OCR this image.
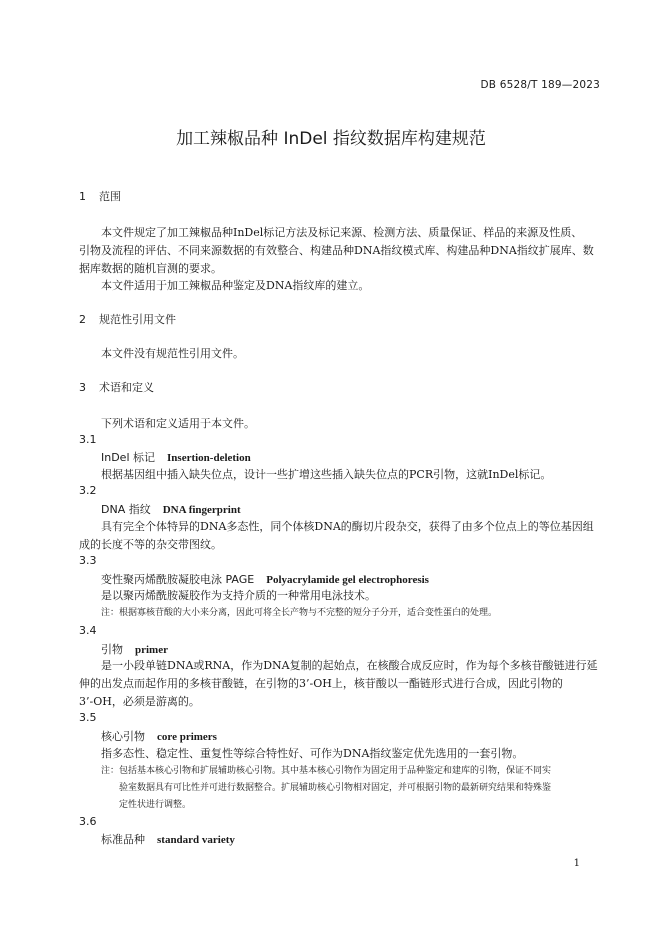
DB 6528/T 189—2023
加工辣椒品种 InDel 指纹数据库构建规范
1 范围
本文件规定了加工辣椒品种InDel标记方法及标记来源、检测方法、质量保证、样品的来源及性质、
引物及流程的评估、不同来源数据的有效整合、构建品种DNA指纹模式库、构建品种DNA指纹扩展库、数
据库数据的随机盲测的要求。
本文件适用于加工辣椒品种鉴定及DNA指纹库的建立。
2 规范性引用文件
本文件没有规范性引用文件。
3 术语和定义
下列术语和定义适用于本文件。
3.1
InDel 标记 Insertion-deletion
根据基因组中插入缺失位点，设计一些扩增这些插入缺失位点的PCR引物，这就InDel标记。
3.2
DNA 指纹 DNA fingerprint
具有完全个体特异的DNA多态性，同个体核DNA的酶切片段杂交，获得了由多个位点上的等位基因组
成的长度不等的杂交带图纹。
3.3
变性聚丙烯酰胺凝胶电泳 PAGE Polyacrylamide gel electrophoresis
是以聚丙烯酰胺凝胶作为支持介质的一种常用电泳技术。
注：根据寡核苷酸的大小来分离，因此可将全长产物与不完整的短分子分开，适合变性蛋白的处理。
3.4
引物 primer
是一小段单链DNA或RNA，作为DNA复制的起始点，在核酸合成反应时，作为每个多核苷酸链进行延
伸的出发点而起作用的多核苷酸链，在引物的3’-OH上，核苷酸以一酯链形式进行合成，因此引物的
3’-OH，必须是游离的。
3.5
核心引物 core primers
指多态性、稳定性、重复性等综合特性好、可作为DNA指纹鉴定优先选用的一套引物。
注：包括基本核心引物和扩展辅助核心引物。其中基本核心引物作为固定用于品种鉴定和建库的引物，保证不同实
验室数据具有可比性并可进行数据整合。扩展辅助核心引物相对固定，并可根据引物的最新研究结果和特殊鉴
定性状进行调整。
3.6
标准品种 standard variety
1
